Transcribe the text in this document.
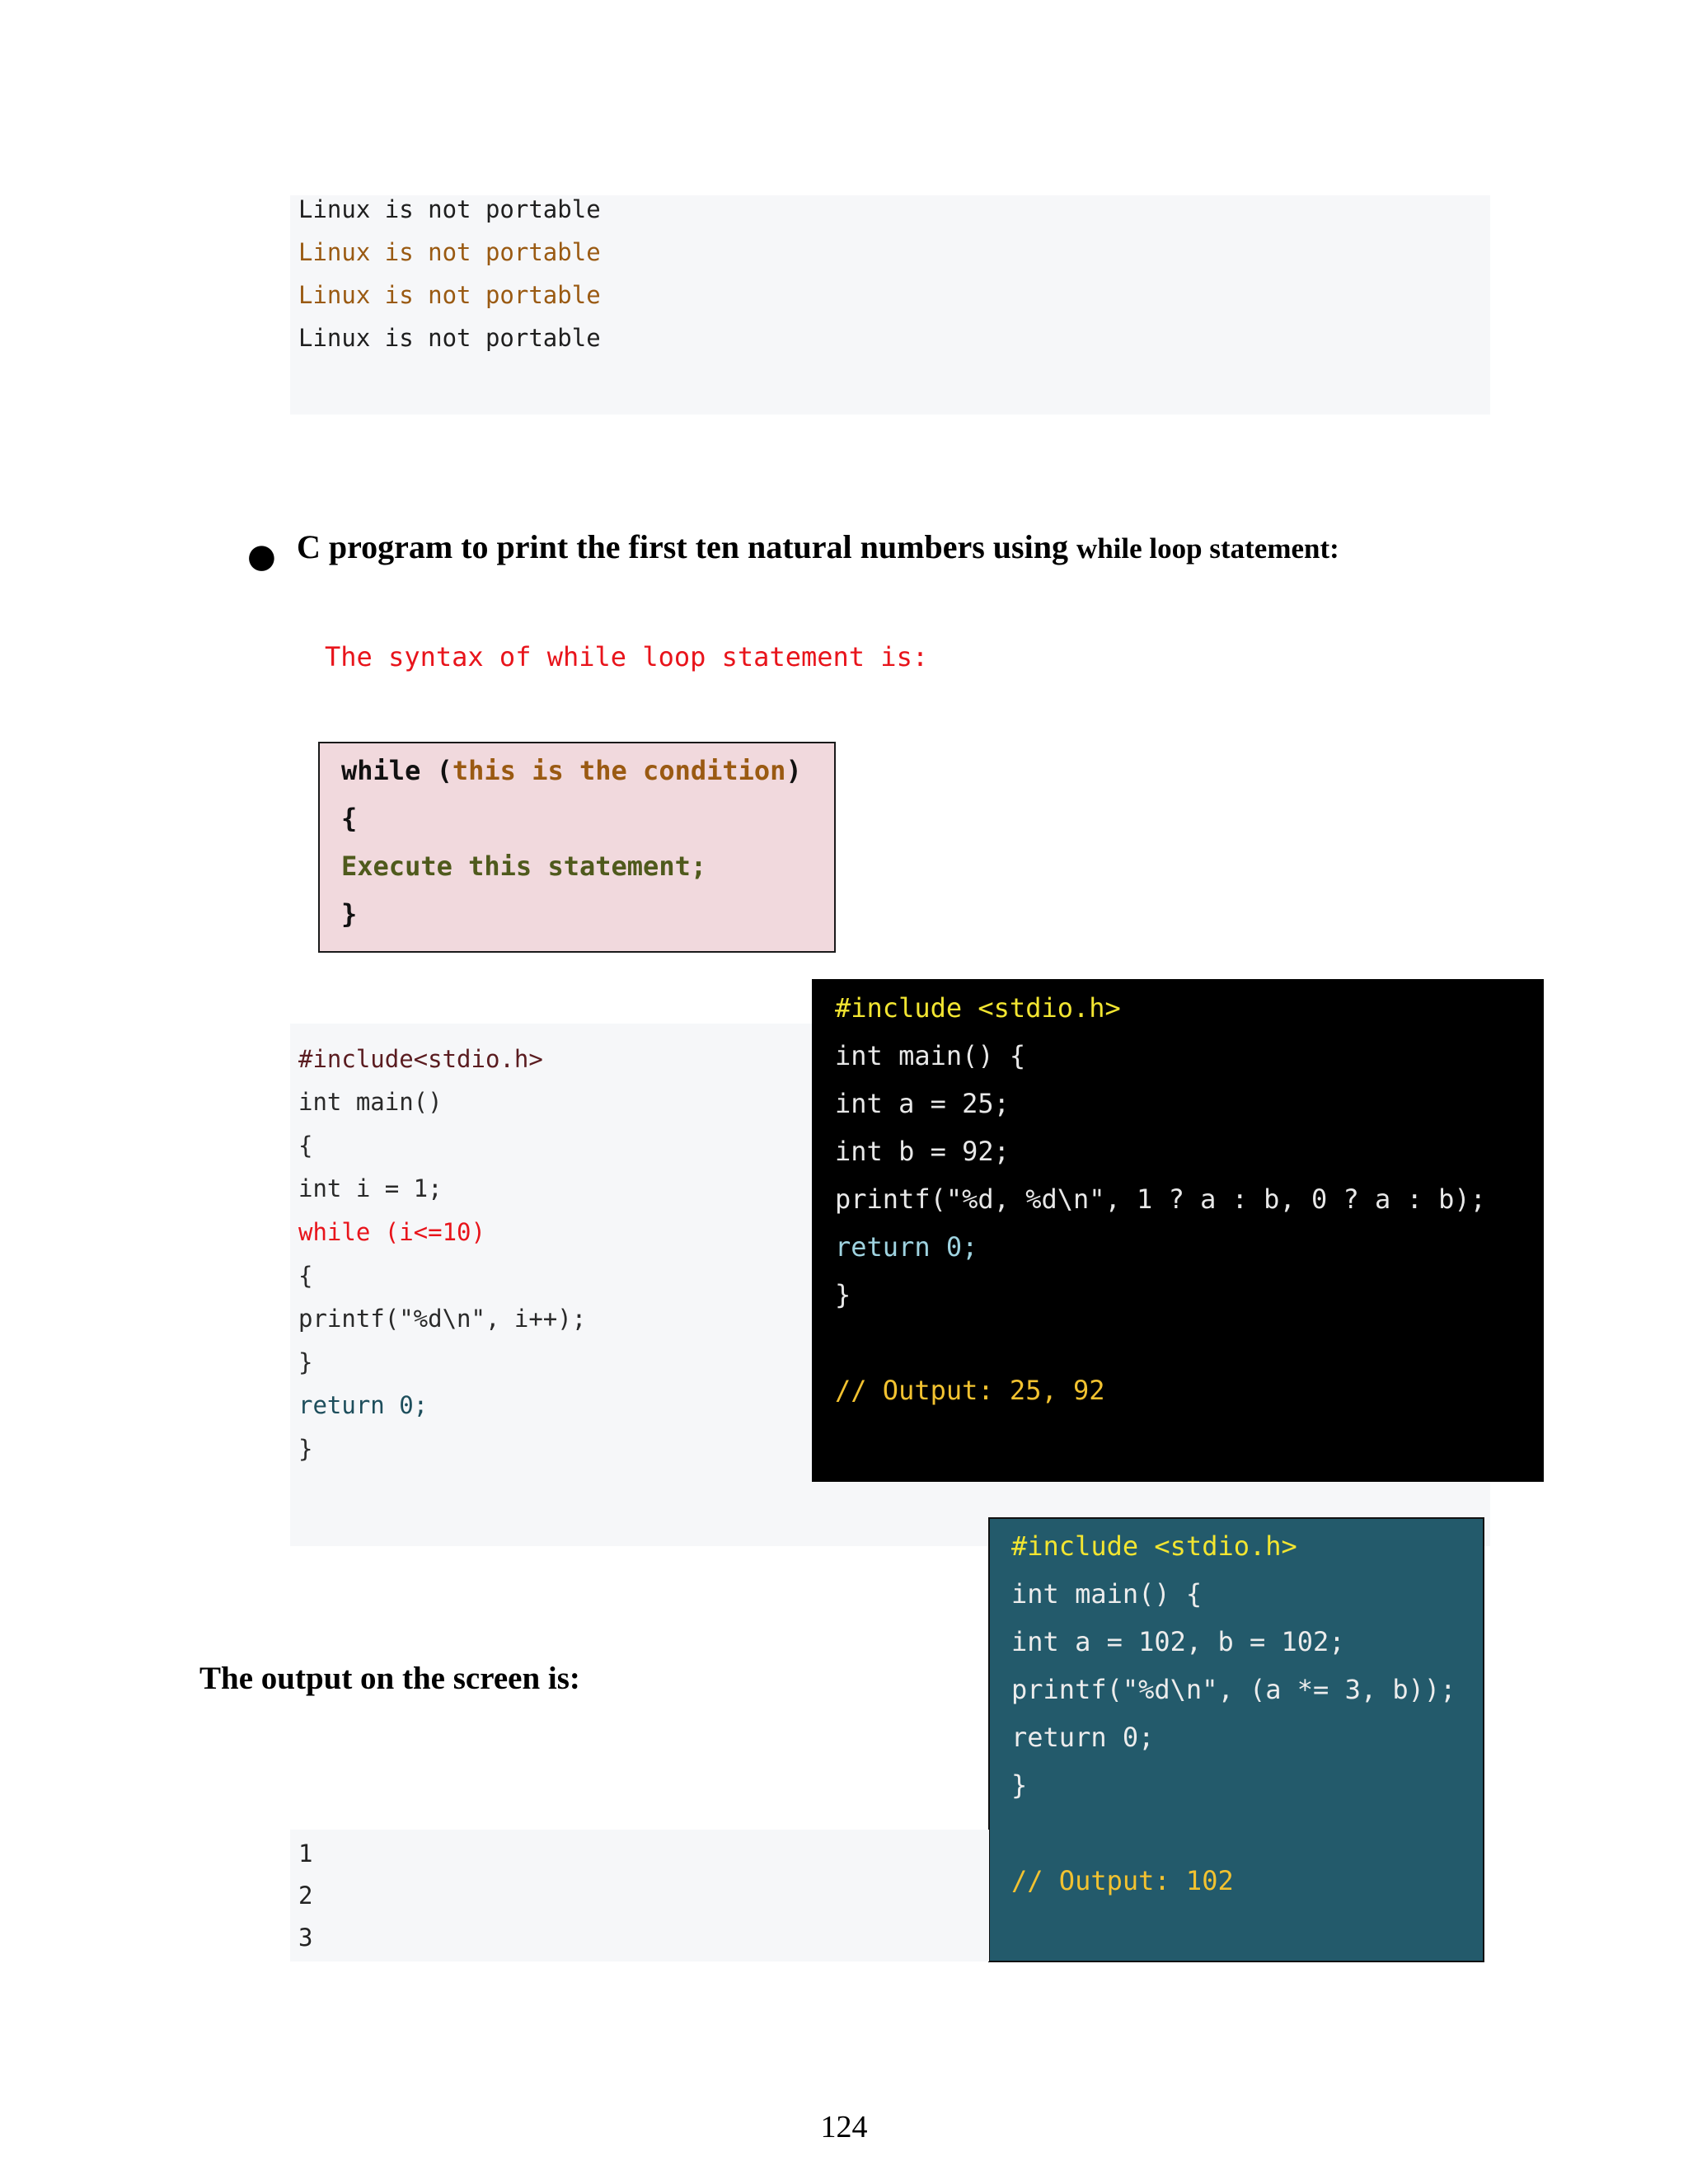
Linux is not portable
Linux is not portable
Linux is not portable
Linux is not portable
● C program to print the first ten natural numbers using while loop statement:
The syntax of while loop statement is:
while (this is the condition)
{
Execute this statement;
}
#include<stdio.h>
int main()
{
int i = 1;
while (i<=10)
{
printf("%d\n", i++);
}
return 0;
}
#include <stdio.h>
int main() {
int a = 25;
int b = 92;
printf("%d, %d\n", 1 ? a : b, 0 ? a : b);
return 0;
}
// Output: 25, 92
#include <stdio.h>
int main() {
int a = 102, b = 102;
printf("%d\n", (a *= 3, b));
return 0;
}
// Output: 102
The output on the screen is:
1
2
3
124
